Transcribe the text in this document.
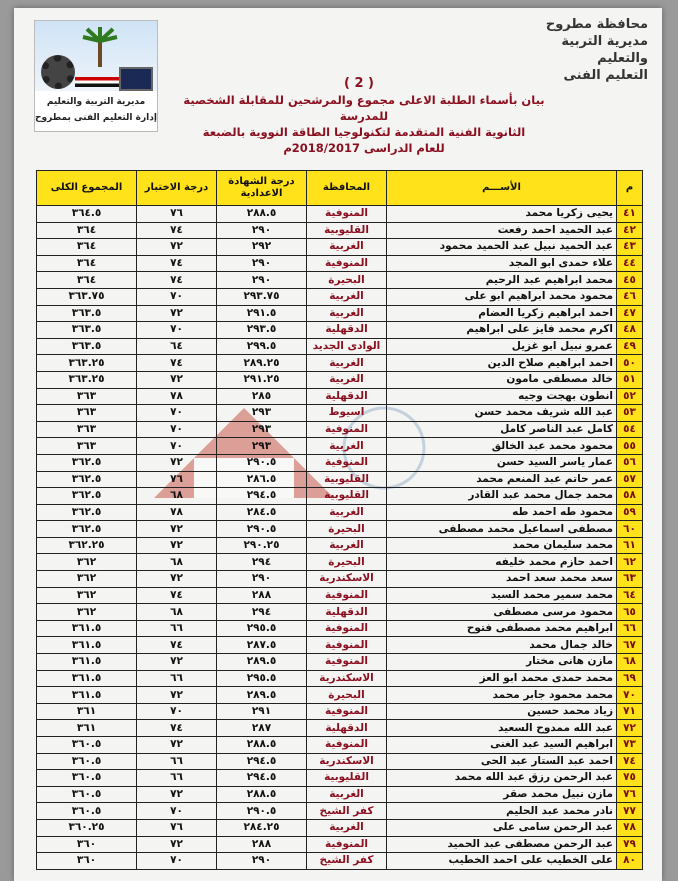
مديرية التربية والتعليم
إدارة التعليم الفنى بمطروح
محافظة مطروح
مديرية التربية والتعليم
التعليم الفنى
( 2 )
بيان بأسماء الطلبة الاعلى مجموع والمرشحين للمقابلة الشخصية للمدرسة
الثانوية الفنية المتقدمة لتكنولوجيا الطاقة النووية بالضبعة
للعام الدراسى 2018/2017م
م	الأســـم	المحافظة	درجة الشهادة الاعدادية	درجة الاختبار	المجموع الكلى
٤١	يحيى زكريا محمد	المنوفية	٢٨٨.٥	٧٦	٣٦٤.٥
٤٢	عبد الحميد احمد رفعت	القليوبية	٢٩٠	٧٤	٣٦٤
٤٣	عبد الحميد نبيل عبد الحميد محمود	الغربية	٢٩٢	٧٢	٣٦٤
٤٤	علاء حمدى ابو المجد	المنوفية	٢٩٠	٧٤	٣٦٤
٤٥	محمد ابراهيم عبد الرحيم	البحيرة	٢٩٠	٧٤	٣٦٤
٤٦	محمود محمد ابراهيم ابو على	الغربية	٢٩٣.٧٥	٧٠	٣٦٣.٧٥
٤٧	احمد ابراهيم زكريا العضام	الغربية	٢٩١.٥	٧٢	٣٦٣.٥
٤٨	اكرم محمد فايز على ابراهيم	الدقهلية	٢٩٣.٥	٧٠	٣٦٣.٥
٤٩	عمرو نبيل ابو غزيل	الوادى الجديد	٢٩٩.٥	٦٤	٣٦٣.٥
٥٠	احمد ابراهيم صلاح الدين	الغربية	٢٨٩.٢٥	٧٤	٣٦٣.٢٥
٥١	خالد مصطفى مامون	الغربية	٢٩١.٢٥	٧٢	٣٦٣.٢٥
٥٢	انطون بهجت وجيه	الدقهلية	٢٨٥	٧٨	٣٦٣
٥٣	عبد الله شريف محمد حسن	اسيوط	٢٩٣	٧٠	٣٦٣
٥٤	كامل عبد الناصر كامل	المنوفية	٢٩٣	٧٠	٣٦٣
٥٥	محمود محمد عبد الخالق	الغربية	٢٩٣	٧٠	٣٦٣
٥٦	عمار ياسر السيد حسن	المنوفية	٢٩٠.٥	٧٢	٣٦٢.٥
٥٧	عمر حاتم عبد المنعم محمد	القليوبية	٢٨٦.٥	٧٦	٣٦٢.٥
٥٨	محمد جمال محمد عبد القادر	القليوبية	٢٩٤.٥	٦٨	٣٦٢.٥
٥٩	محمود طه احمد طه	الغربية	٢٨٤.٥	٧٨	٣٦٢.٥
٦٠	مصطفى اسماعيل محمد مصطفى	البحيرة	٢٩٠.٥	٧٢	٣٦٢.٥
٦١	محمد سليمان محمد	الغربية	٢٩٠.٢٥	٧٢	٣٦٢.٢٥
٦٢	احمد حازم محمد خليفه	البحيرة	٢٩٤	٦٨	٣٦٢
٦٣	سعد محمد سعد احمد	الاسكندرية	٢٩٠	٧٢	٣٦٢
٦٤	محمد سمير محمد السيد	المنوفية	٢٨٨	٧٤	٣٦٢
٦٥	محمود مرسى مصطفى	الدقهلية	٢٩٤	٦٨	٣٦٢
٦٦	ابراهيم محمد مصطفى فتوح	المنوفية	٢٩٥.٥	٦٦	٣٦١.٥
٦٧	خالد جمال محمد	المنوفية	٢٨٧.٥	٧٤	٣٦١.٥
٦٨	مازن هانى مختار	المنوفية	٢٨٩.٥	٧٢	٣٦١.٥
٦٩	محمد حمدى محمد ابو العز	الاسكندرية	٢٩٥.٥	٦٦	٣٦١.٥
٧٠	محمد محمود جابر محمد	البحيرة	٢٨٩.٥	٧٢	٣٦١.٥
٧١	زياد محمد حسين	المنوفية	٢٩١	٧٠	٣٦١
٧٢	عبد الله ممدوح السعيد	الدقهلية	٢٨٧	٧٤	٣٦١
٧٣	ابراهيم السيد عبد الغنى	المنوفية	٢٨٨.٥	٧٢	٣٦٠.٥
٧٤	احمد عبد الستار عبد الحى	الاسكندرية	٢٩٤.٥	٦٦	٣٦٠.٥
٧٥	عبد الرحمن رزق عبد الله محمد	القليوبية	٢٩٤.٥	٦٦	٣٦٠.٥
٧٦	مازن نبيل محمد صقر	الغربية	٢٨٨.٥	٧٢	٣٦٠.٥
٧٧	نادر محمد عبد الحليم	كفر الشيخ	٢٩٠.٥	٧٠	٣٦٠.٥
٧٨	عبد الرحمن سامى على	الغربية	٢٨٤.٢٥	٧٦	٣٦٠.٢٥
٧٩	عبد الرحمن مصطفى عبد الحميد	المنوفية	٢٨٨	٧٢	٣٦٠
٨٠	على الخطيب على احمد الخطيب	كفر الشيخ	٢٩٠	٧٠	٣٦٠
